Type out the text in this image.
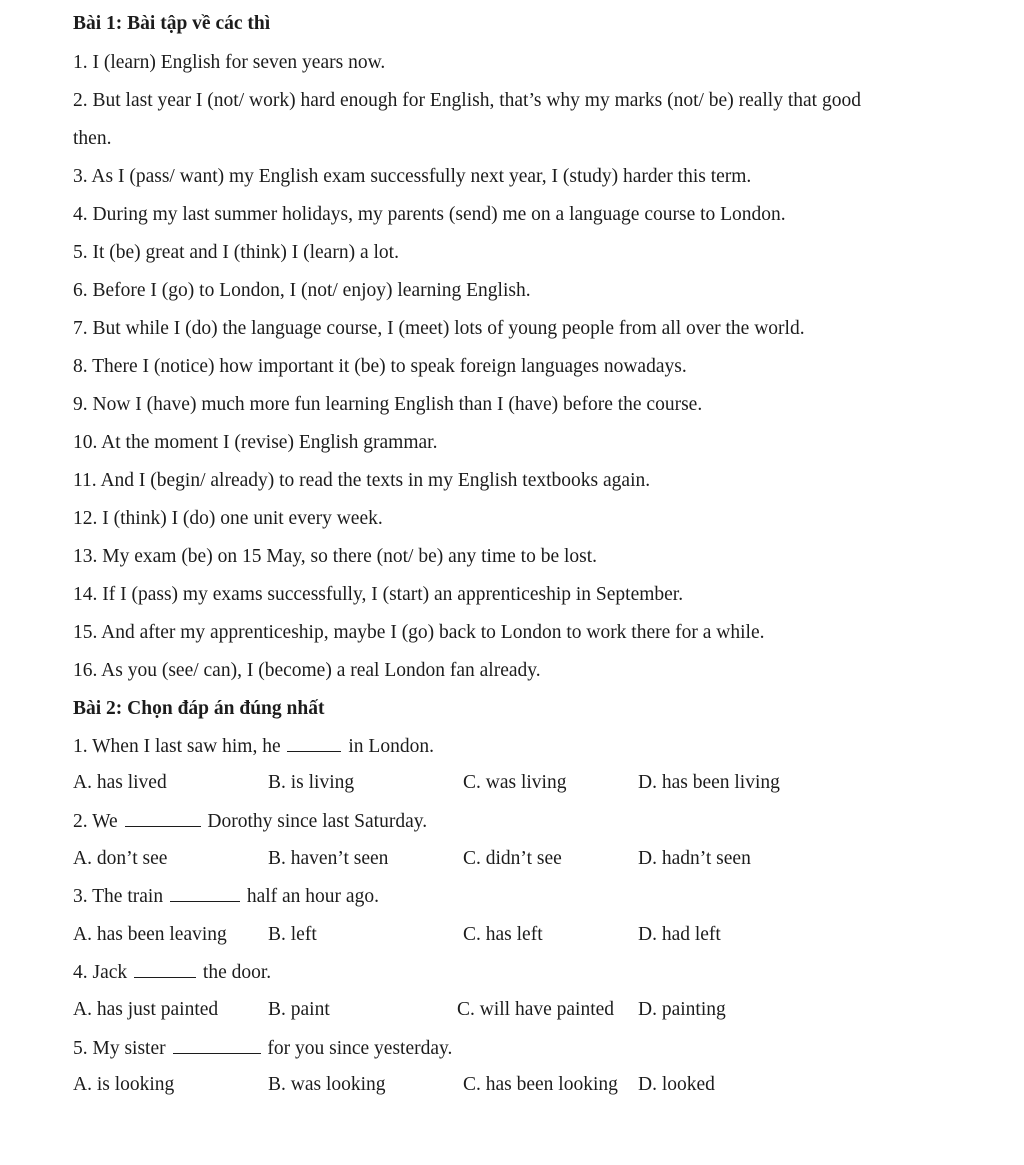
Bài 1: Bài tập về các thì
1. I (learn) English for seven years now.
2. But last year I (not/ work) hard enough for English, that’s why my marks (not/ be) really that good
then.
3. As I (pass/ want) my English exam successfully next year, I (study) harder this term.
4. During my last summer holidays, my parents (send) me on a language course to London.
5. It (be) great and I (think) I (learn) a lot.
6. Before I (go) to London, I (not/ enjoy) learning English.
7. But while I (do) the language course, I (meet) lots of young people from all over the world.
8. There I (notice) how important it (be) to speak foreign languages nowadays.
9. Now I (have) much more fun learning English than I (have) before the course.
10. At the moment I (revise) English grammar.
11. And I (begin/ already) to read the texts in my English textbooks again.
12. I (think) I (do) one unit every week.
13. My exam (be) on 15 May, so there (not/ be) any time to be lost.
14. If I (pass) my exams successfully, I (start) an apprenticeship in September.
15. And after my apprenticeship, maybe I (go) back to London to work there for a while.
16. As you (see/ can), I (become) a real London fan already.
Bài 2: Chọn đáp án đúng nhất
1. When I last saw him, he	in London.
A. has lived	B. is living	C. was living	D. has been living
2. We	Dorothy since last Saturday.
A. don’t see	B. haven’t seen	C. didn’t see	D. hadn’t seen
3. The train	half an hour ago.
A. has been leaving B. left	C. has left	D. had left
4. Jack	the door.
A. has just painted	B. paint	C. will have painted D. painting
5. My sister	for you since yesterday.
A. is looking	B. was looking	C. has been looking D. looked
